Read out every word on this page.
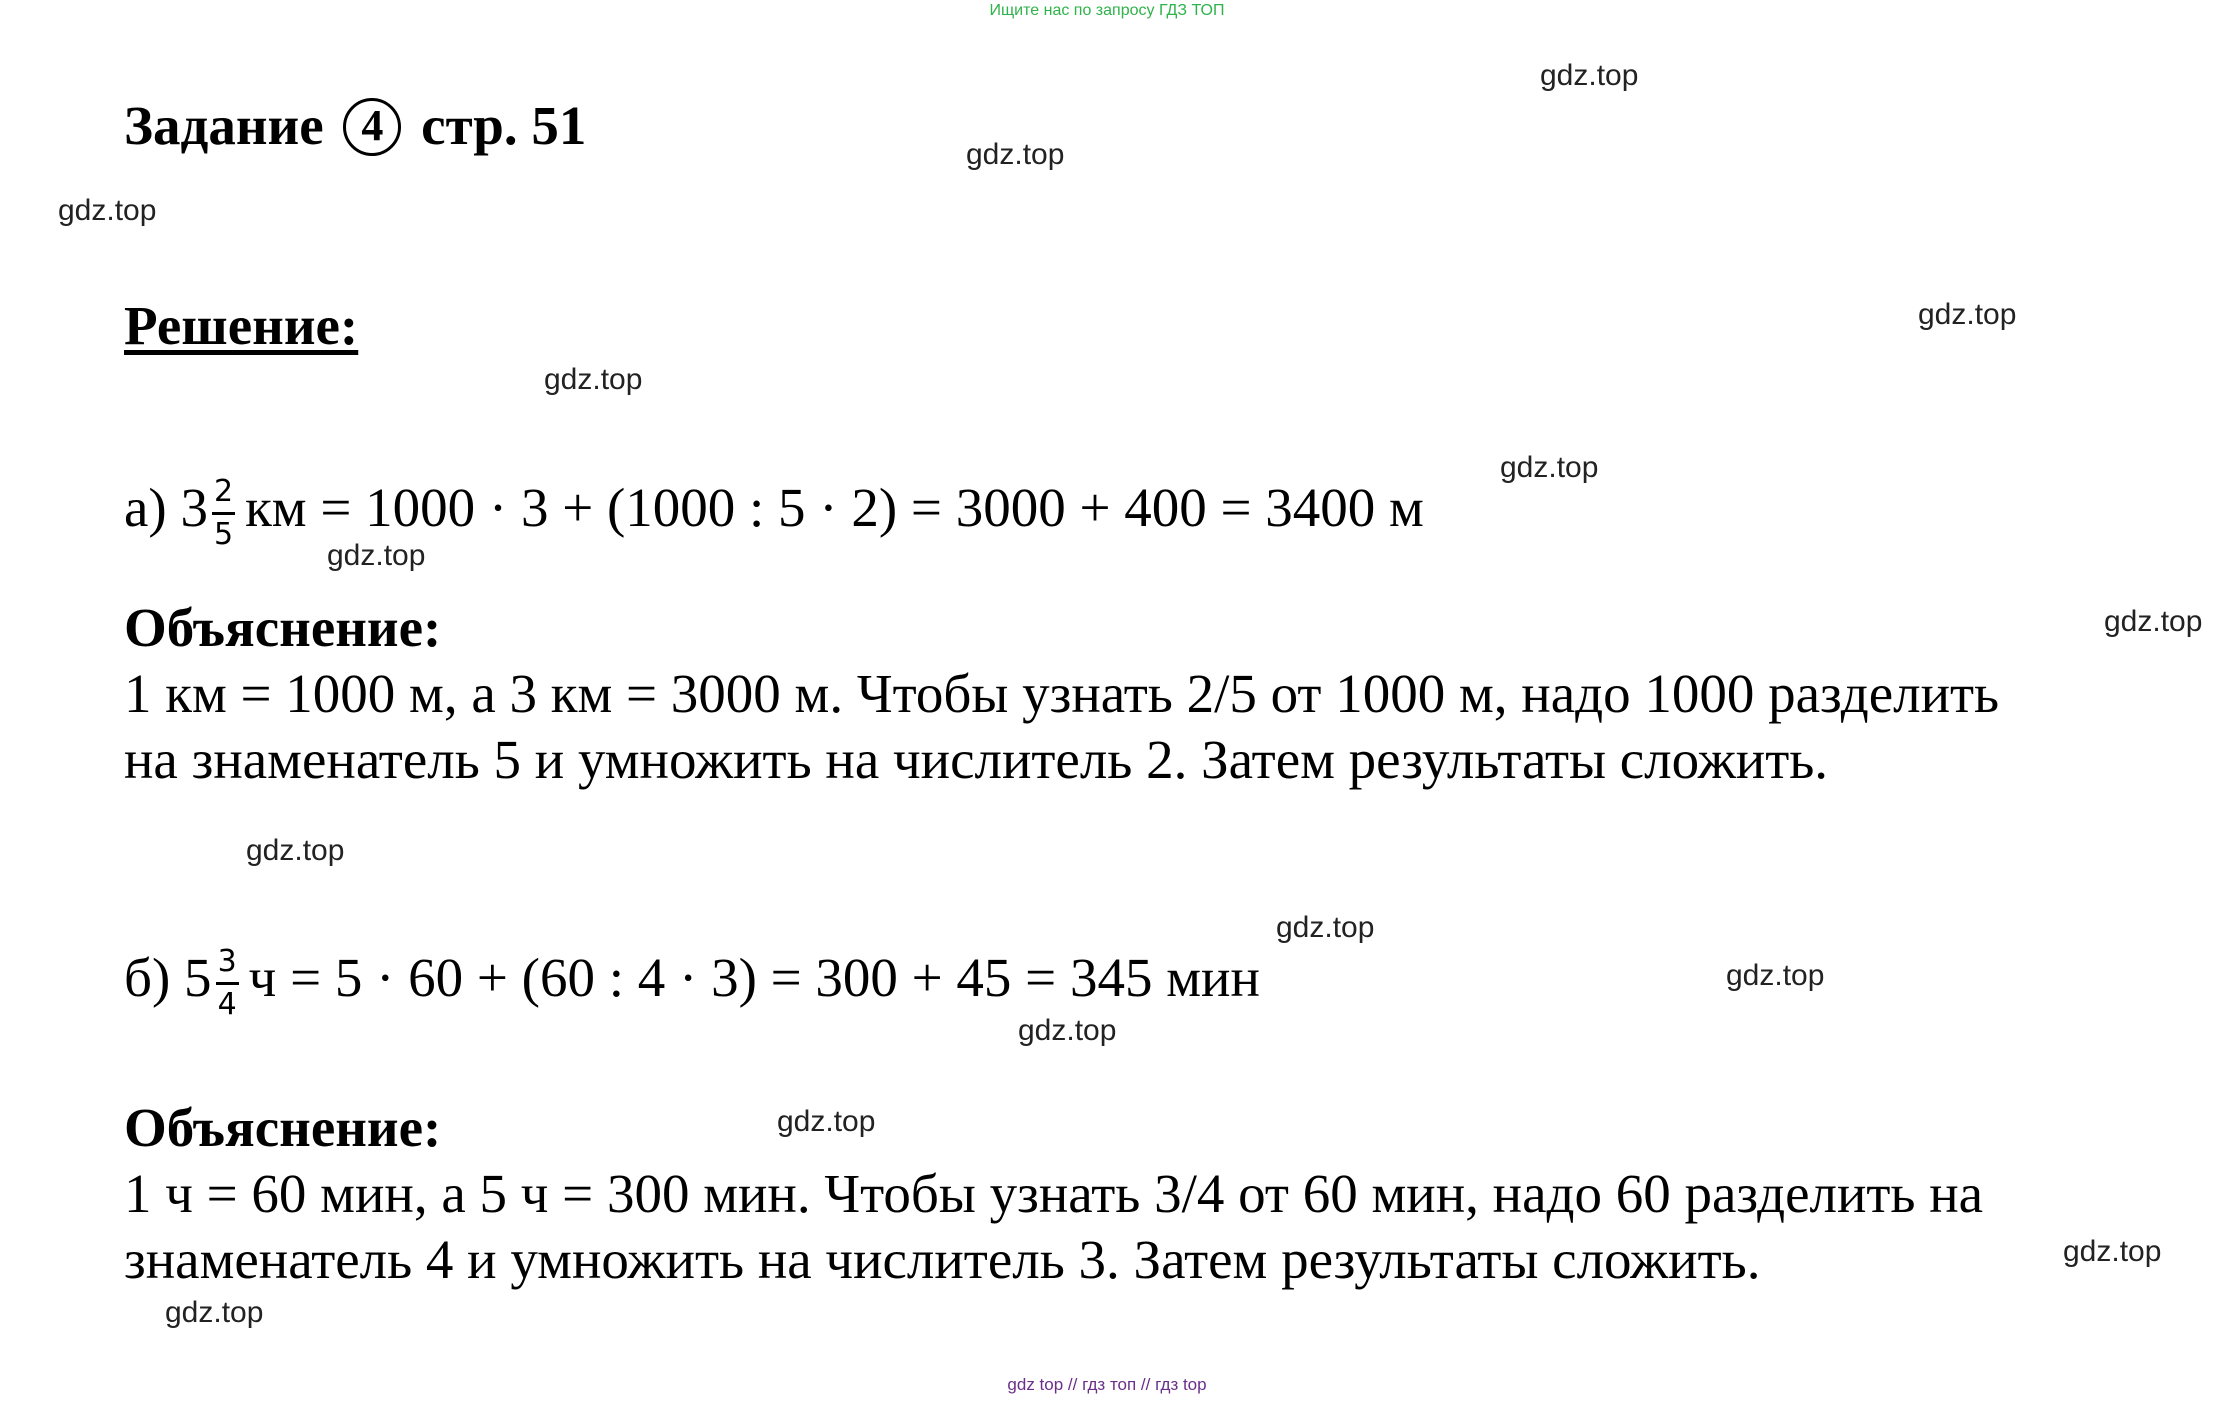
Ищите нас по запросу ГДЗ ТОП
Задание 4 стр. 51
Решение:
а) $3 \frac{2}{5}$ км = 1000 · 3 + (1000 : 5 · 2) = 3000 + 400 = 3400 м
Объяснение:
1 км = 1000 м, а 3 км = 3000 м. Чтобы узнать 2/5 от 1000 м, надо 1000 разделить
на знаменатель 5 и умножить на числитель 2. Затем результаты сложить.
б) $5 \frac{3}{4}$ ч = 5 · 60 + (60 : 4 · 3) = 300 + 45 = 345 мин
Объяснение:
1 ч = 60 мин, а 5 ч = 300 мин. Чтобы узнать 3/4 от 60 мин, надо 60 разделить на
знаменатель 4 и умножить на числитель 3. Затем результаты сложить.
gdz.top
gdz.top
gdz.top
gdz.top
gdz.top
gdz.top
gdz.top
gdz.top
gdz.top
gdz.top
gdz.top
gdz.top
gdz.top
gdz.top
gdz.top
gdz top // гдз топ // гдз top
